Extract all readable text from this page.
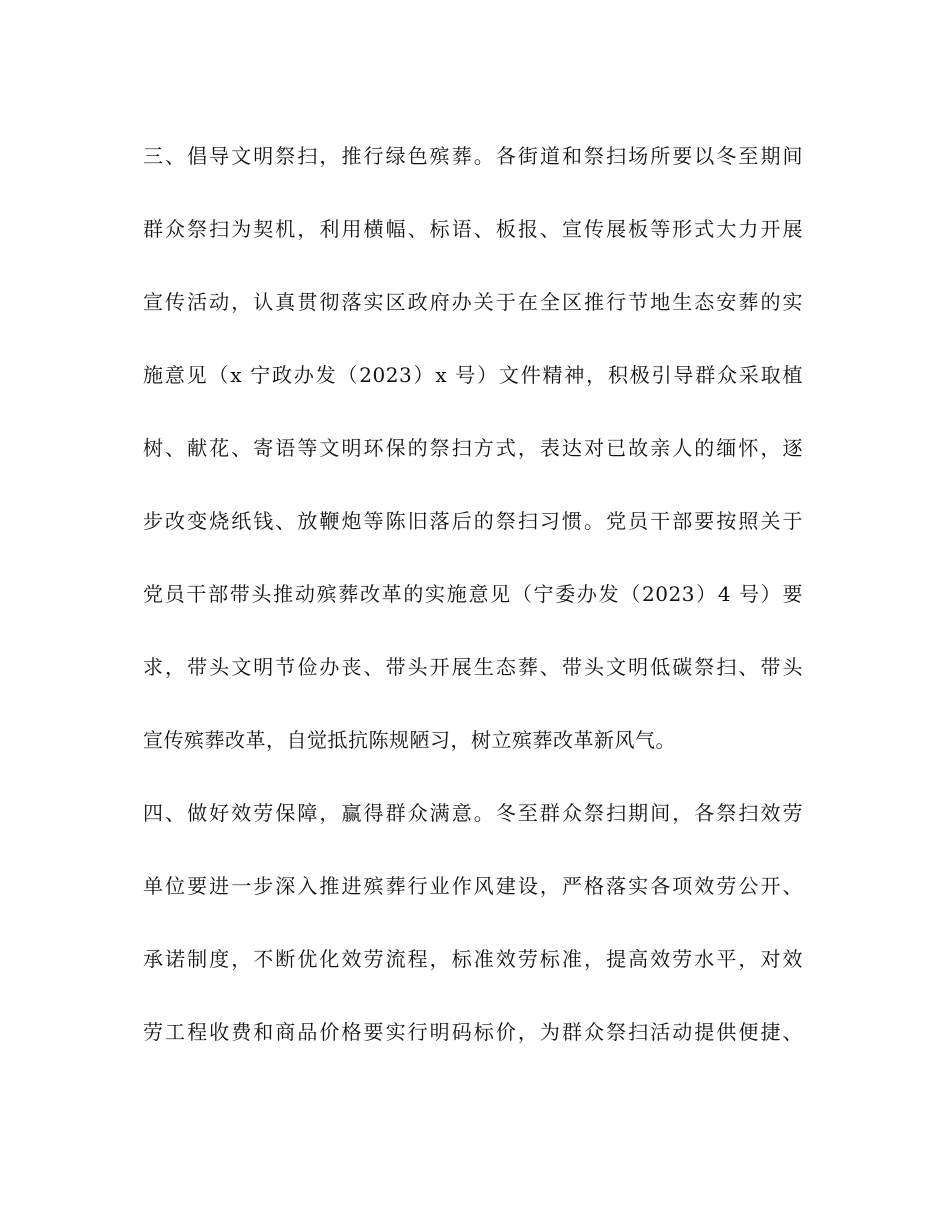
三、倡导文明祭扫，推行绿色殡葬。各街道和祭扫场所要以冬至期间
群众祭扫为契机，利用横幅、标语、板报、宣传展板等形式大力开展
宣传活动，认真贯彻落实区政府办关于在全区推行节地生态安葬的实
施意见（x 宁政办发（2023）x 号）文件精神，积极引导群众采取植
树、献花、寄语等文明环保的祭扫方式，表达对已故亲人的缅怀，逐
步改变烧纸钱、放鞭炮等陈旧落后的祭扫习惯。党员干部要按照关于
党员干部带头推动殡葬改革的实施意见（宁委办发（2023）4 号）要
求，带头文明节俭办丧、带头开展生态葬、带头文明低碳祭扫、带头
宣传殡葬改革，自觉抵抗陈规陋习，树立殡葬改革新风气。
四、做好效劳保障，赢得群众满意。冬至群众祭扫期间，各祭扫效劳
单位要进一步深入推进殡葬行业作风建设，严格落实各项效劳公开、
承诺制度，不断优化效劳流程，标准效劳标准，提高效劳水平，对效
劳工程收费和商品价格要实行明码标价，为群众祭扫活动提供便捷、
